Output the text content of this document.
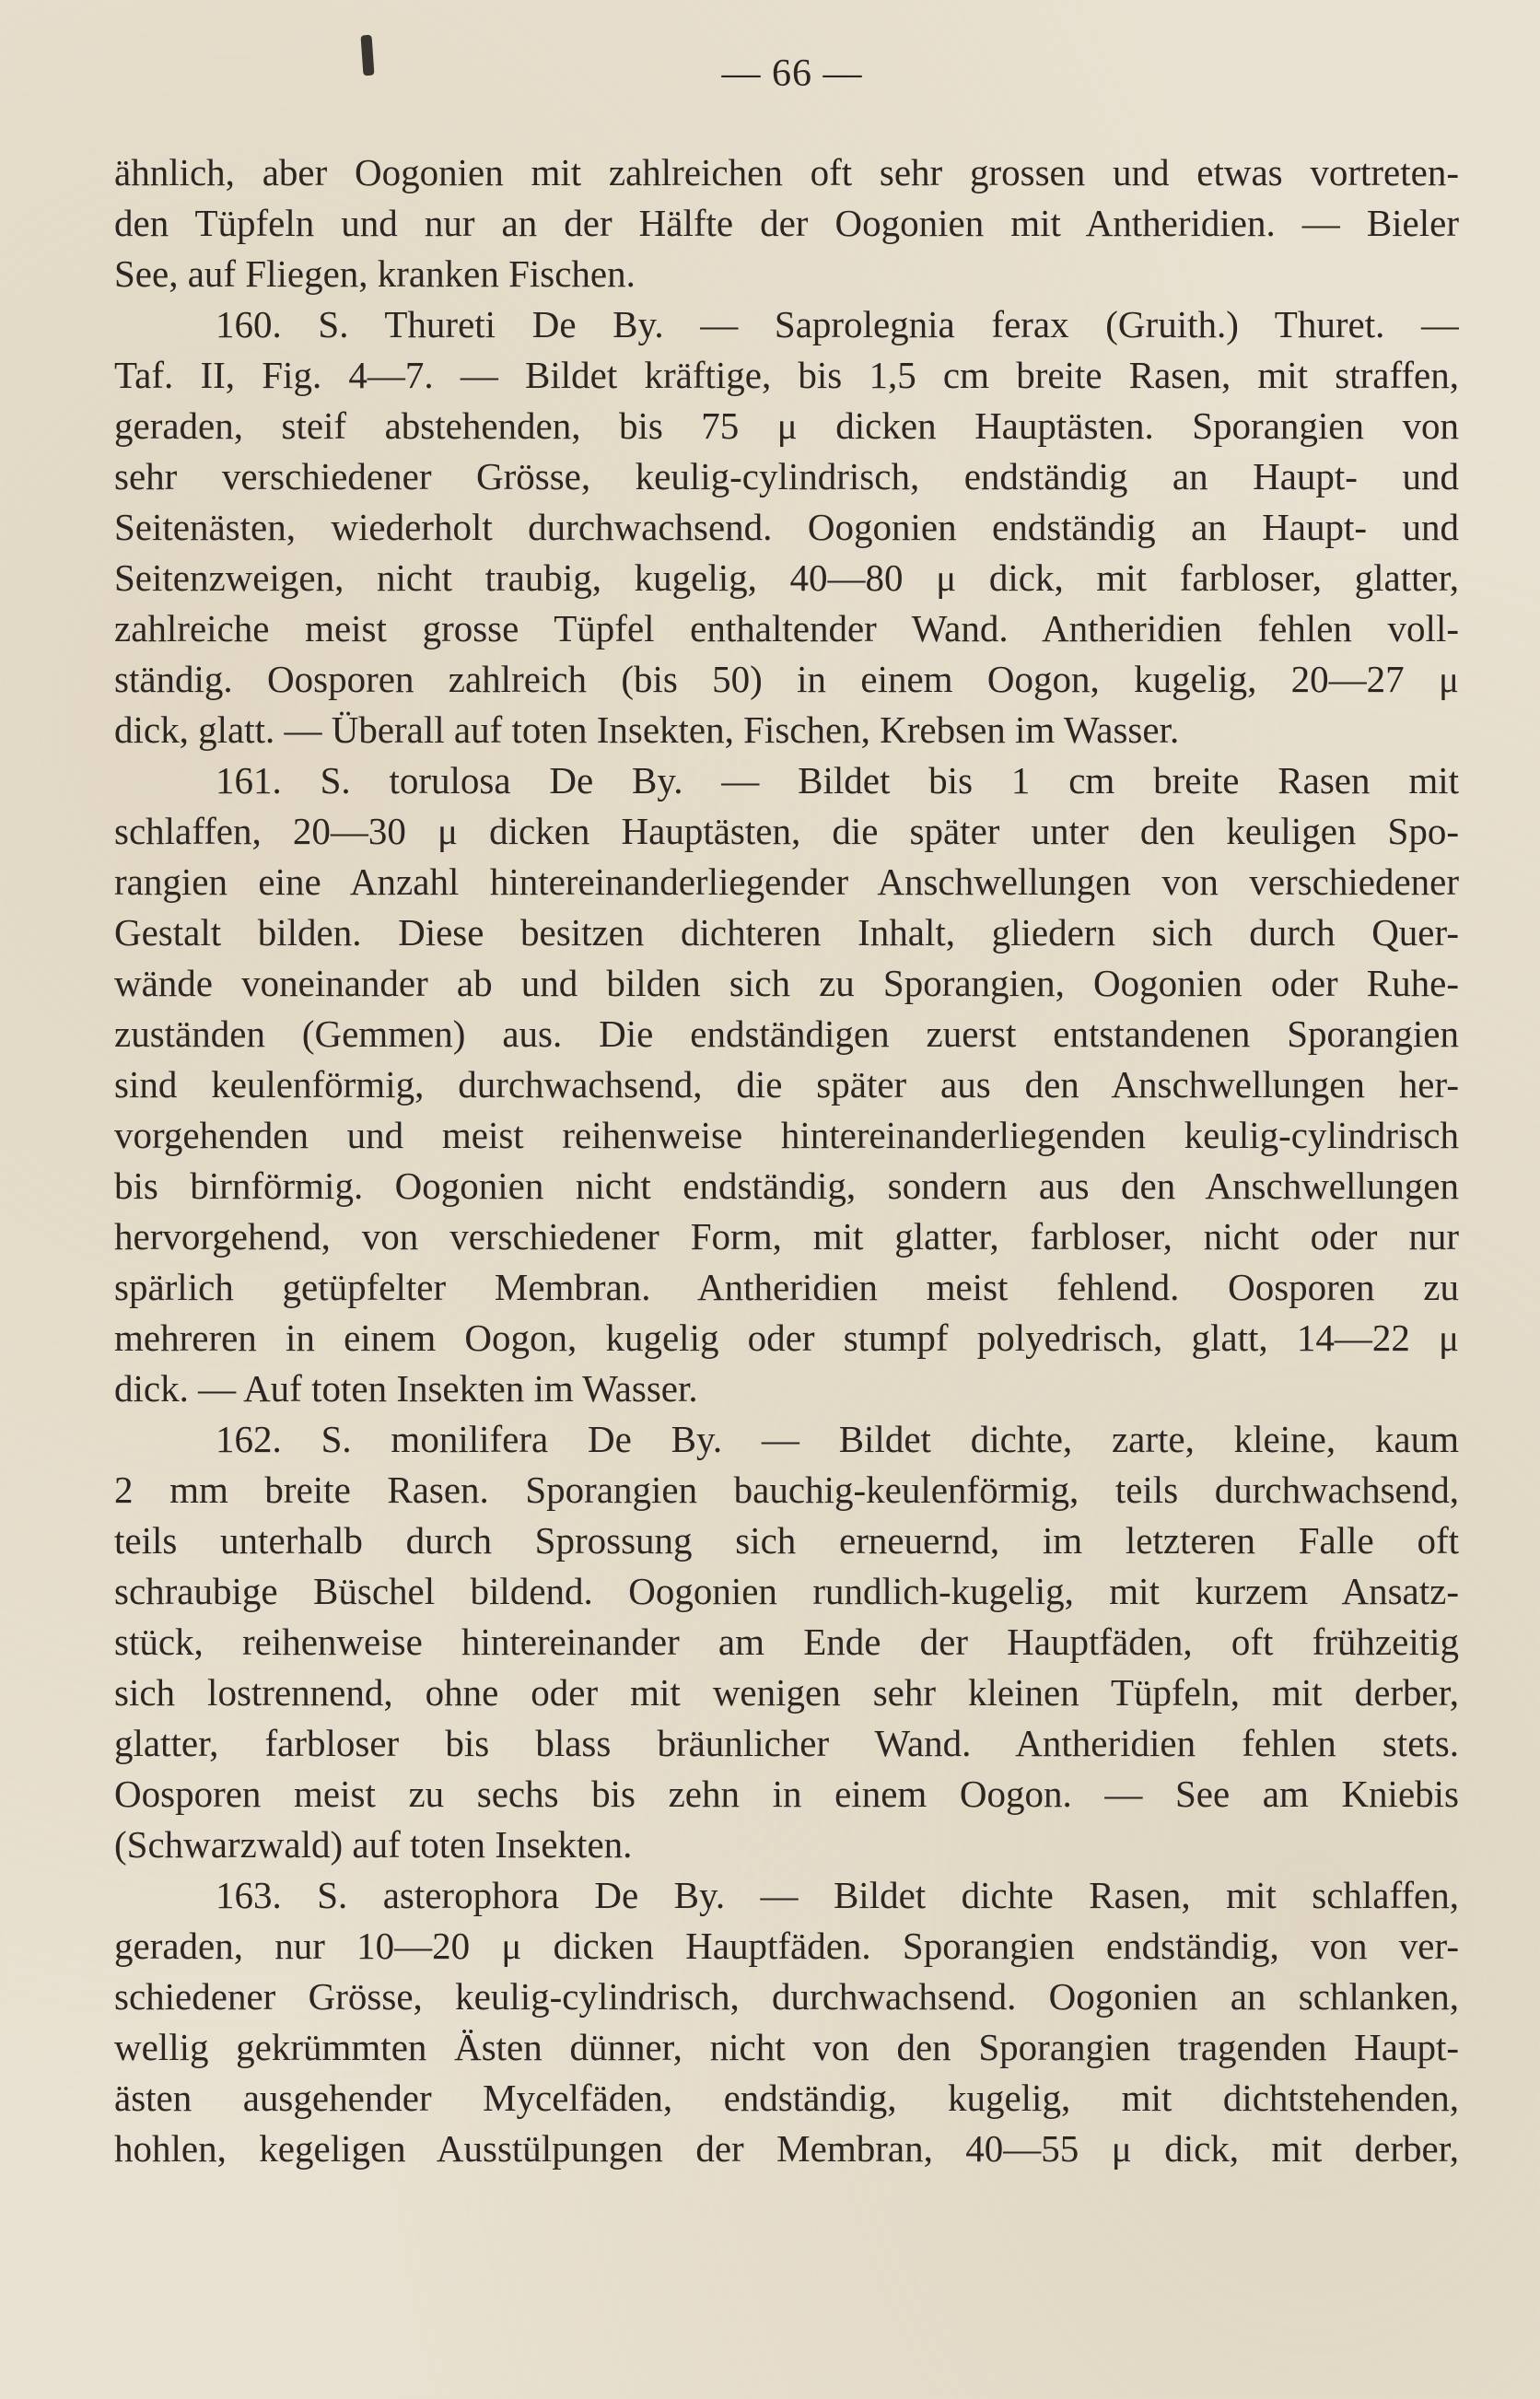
— 66 —
ähnlich, aber Oogonien mit zahlreichen oft sehr grossen und etwas vortreten-
den Tüpfeln und nur an der Hälfte der Oogonien mit Antheridien. — Bieler
See, auf Fliegen, kranken Fischen.
160. S. Thureti De By. — Saprolegnia ferax (Gruith.) Thuret. —
Taf. II, Fig. 4—7. — Bildet kräftige, bis 1,5 cm breite Rasen, mit straffen,
geraden, steif abstehenden, bis 75 μ dicken Hauptästen. Sporangien von
sehr verschiedener Grösse, keulig-cylindrisch, endständig an Haupt- und
Seitenästen, wiederholt durchwachsend. Oogonien endständig an Haupt- und
Seitenzweigen, nicht traubig, kugelig, 40—80 μ dick, mit farbloser, glatter,
zahlreiche meist grosse Tüpfel enthaltender Wand. Antheridien fehlen voll-
ständig. Oosporen zahlreich (bis 50) in einem Oogon, kugelig, 20—27 μ
dick, glatt. — Überall auf toten Insekten, Fischen, Krebsen im Wasser.
161. S. torulosa De By. — Bildet bis 1 cm breite Rasen mit
schlaffen, 20—30 μ dicken Hauptästen, die später unter den keuligen Spo-
rangien eine Anzahl hintereinanderliegender Anschwellungen von verschiedener
Gestalt bilden. Diese besitzen dichteren Inhalt, gliedern sich durch Quer-
wände voneinander ab und bilden sich zu Sporangien, Oogonien oder Ruhe-
zuständen (Gemmen) aus. Die endständigen zuerst entstandenen Sporangien
sind keulenförmig, durchwachsend, die später aus den Anschwellungen her-
vorgehenden und meist reihenweise hintereinanderliegenden keulig-cylindrisch
bis birnförmig. Oogonien nicht endständig, sondern aus den Anschwellungen
hervorgehend, von verschiedener Form, mit glatter, farbloser, nicht oder nur
spärlich getüpfelter Membran. Antheridien meist fehlend. Oosporen zu
mehreren in einem Oogon, kugelig oder stumpf polyedrisch, glatt, 14—22 μ
dick. — Auf toten Insekten im Wasser.
162. S. monilifera De By. — Bildet dichte, zarte, kleine, kaum
2 mm breite Rasen. Sporangien bauchig-keulenförmig, teils durchwachsend,
teils unterhalb durch Sprossung sich erneuernd, im letzteren Falle oft
schraubige Büschel bildend. Oogonien rundlich-kugelig, mit kurzem Ansatz-
stück, reihenweise hintereinander am Ende der Hauptfäden, oft frühzeitig
sich lostrennend, ohne oder mit wenigen sehr kleinen Tüpfeln, mit derber,
glatter, farbloser bis blass bräunlicher Wand. Antheridien fehlen stets.
Oosporen meist zu sechs bis zehn in einem Oogon. — See am Kniebis
(Schwarzwald) auf toten Insekten.
163. S. asterophora De By. — Bildet dichte Rasen, mit schlaffen,
geraden, nur 10—20 μ dicken Hauptfäden. Sporangien endständig, von ver-
schiedener Grösse, keulig-cylindrisch, durchwachsend. Oogonien an schlanken,
wellig gekrümmten Ästen dünner, nicht von den Sporangien tragenden Haupt-
ästen ausgehender Mycelfäden, endständig, kugelig, mit dichtstehenden,
hohlen, kegeligen Ausstülpungen der Membran, 40—55 μ dick, mit derber,
